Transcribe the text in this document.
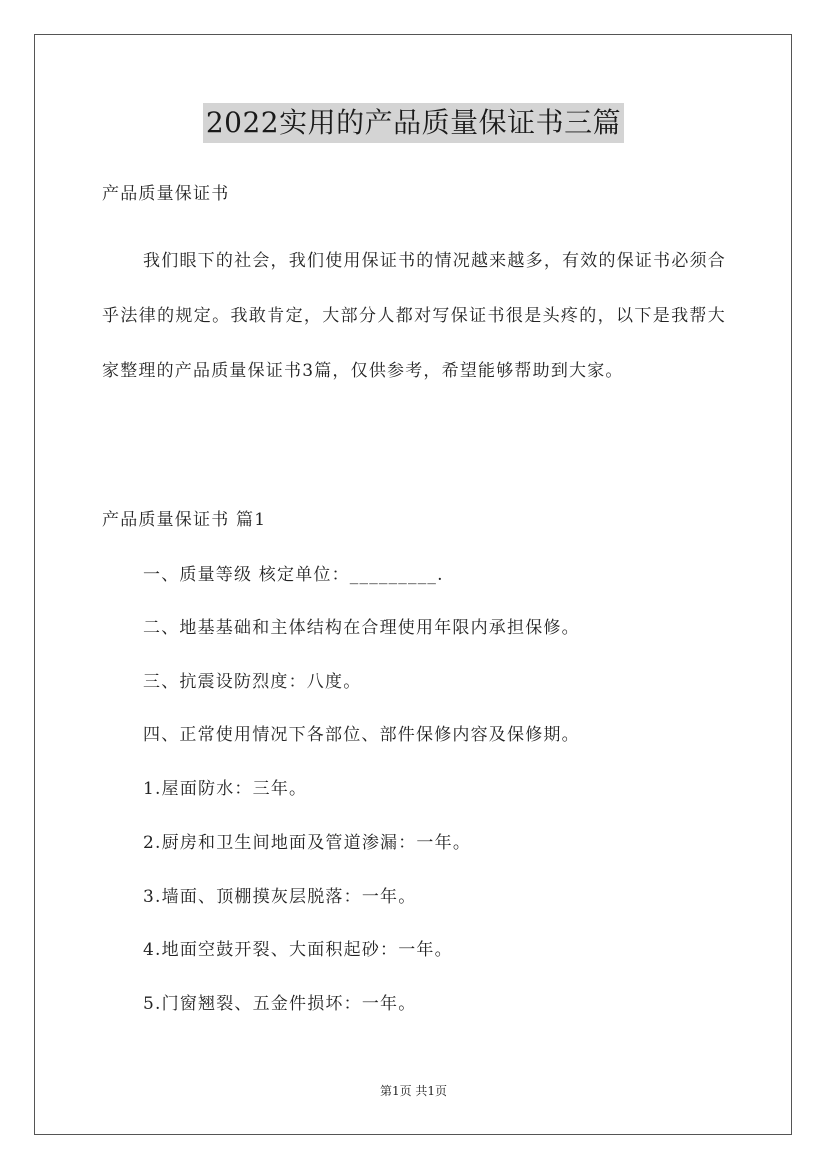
2022实用的产品质量保证书三篇
产品质量保证书
我们眼下的社会，我们使用保证书的情况越来越多，有效的保证书必须合乎法律的规定。我敢肯定，大部分人都对写保证书很是头疼的，以下是我帮大家整理的产品质量保证书3篇，仅供参考，希望能够帮助到大家。
产品质量保证书 篇1
一、质量等级 核定单位：_________.
二、地基基础和主体结构在合理使用年限内承担保修。
三、抗震设防烈度：八度。
四、正常使用情况下各部位、部件保修内容及保修期。
1.屋面防水：三年。
2.厨房和卫生间地面及管道渗漏：一年。
3.墙面、顶棚摸灰层脱落：一年。
4.地面空鼓开裂、大面积起砂：一年。
5.门窗翘裂、五金件损坏：一年。
第1页 共1页
